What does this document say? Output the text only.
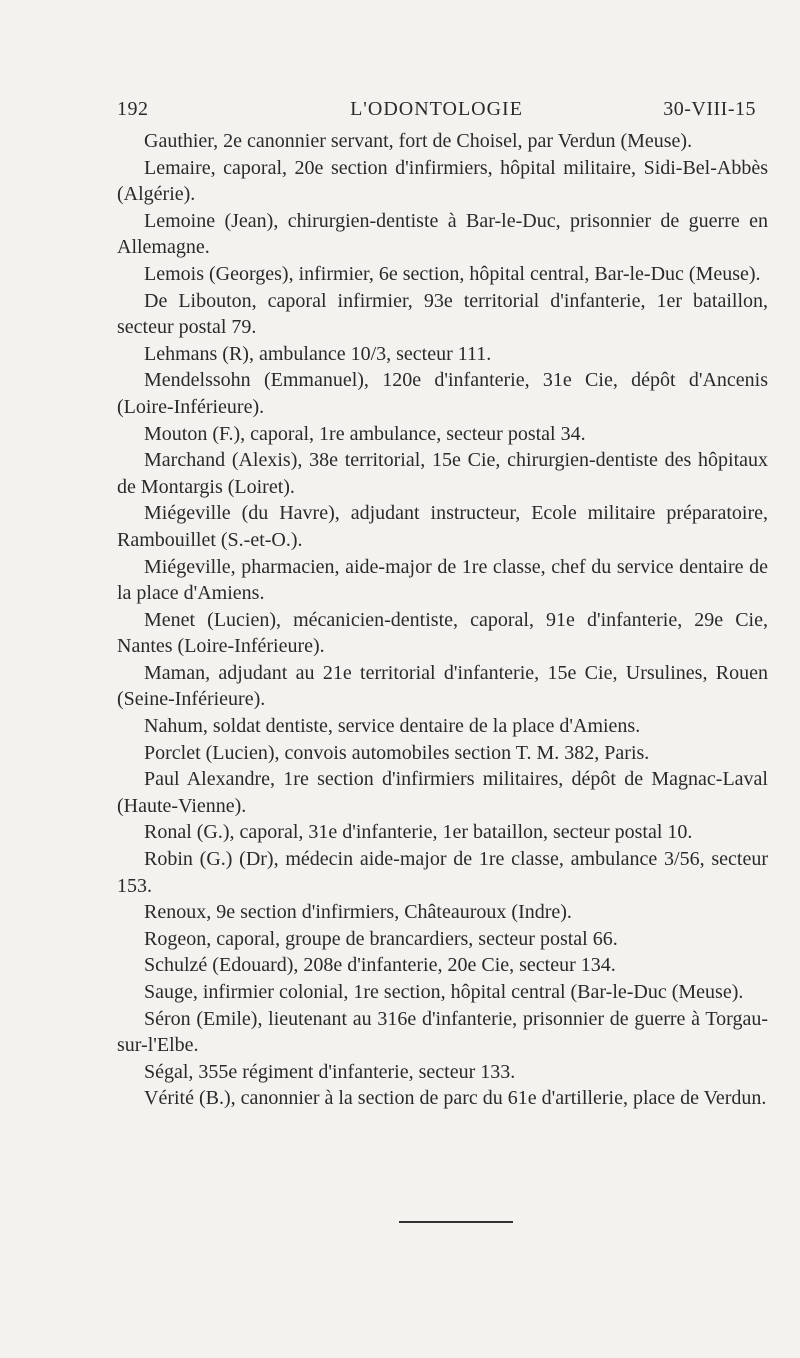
192	L'ODONTOLOGIE	30-VIII-15

Gauthier, 2e canonnier servant, fort de Choisel, par Verdun (Meuse).

Lemaire, caporal, 20e section d'infirmiers, hôpital militaire, Sidi-Bel-Abbès (Algérie).

Lemoine (Jean), chirurgien-dentiste à Bar-le-Duc, prisonnier de guerre en Allemagne.

Lemois (Georges), infirmier, 6e section, hôpital central, Bar-le-Duc (Meuse).

De Libouton, caporal infirmier, 93e territorial d'infanterie, 1er bataillon, secteur postal 79.

Lehmans (R), ambulance 10/3, secteur 111.

Mendelssohn (Emmanuel), 120e d'infanterie, 31e Cie, dépôt d'Ancenis (Loire-Inférieure).

Mouton (F.), caporal, 1re ambulance, secteur postal 34.

Marchand (Alexis), 38e territorial, 15e Cie, chirurgien-dentiste des hôpitaux de Montargis (Loiret).

Miégeville (du Havre), adjudant instructeur, Ecole militaire préparatoire, Rambouillet (S.-et-O.).

Miégeville, pharmacien, aide-major de 1re classe, chef du service dentaire de la place d'Amiens.

Menet (Lucien), mécanicien-dentiste, caporal, 91e d'infanterie, 29e Cie, Nantes (Loire-Inférieure).

Maman, adjudant au 21e territorial d'infanterie, 15e Cie, Ursulines, Rouen (Seine-Inférieure).

Nahum, soldat dentiste, service dentaire de la place d'Amiens.

Porclet (Lucien), convois automobiles section T. M. 382, Paris.

Paul Alexandre, 1re section d'infirmiers militaires, dépôt de Magnac-Laval (Haute-Vienne).

Ronal (G.), caporal, 31e d'infanterie, 1er bataillon, secteur postal 10.

Robin (G.) (Dr), médecin aide-major de 1re classe, ambulance 3/56, secteur 153.

Renoux, 9e section d'infirmiers, Châteauroux (Indre).

Rogeon, caporal, groupe de brancardiers, secteur postal 66.

Schulzé (Edouard), 208e d'infanterie, 20e Cie, secteur 134.

Sauge, infirmier colonial, 1re section, hôpital central (Bar-le-Duc (Meuse).

Séron (Emile), lieutenant au 316e d'infanterie, prisonnier de guerre à Torgau-sur-l'Elbe.

Ségal, 355e régiment d'infanterie, secteur 133.

Vérité (B.), canonnier à la section de parc du 61e d'artillerie, place de Verdun.
